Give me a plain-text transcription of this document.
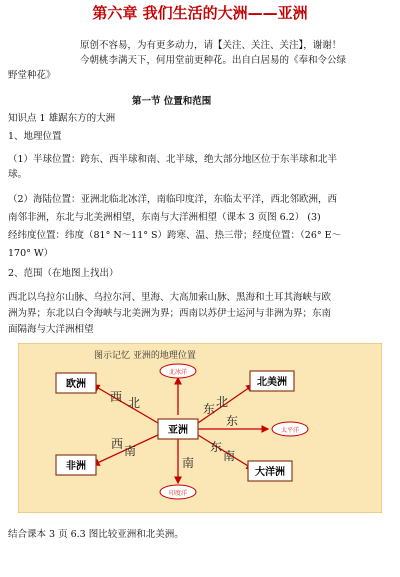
第六章 我们生活的大洲——亚洲
原创不容易，为有更多动力，请【关注、关注、关注】，谢谢！
今朝桃李满天下，何用堂前更种花。出自白居易的《奉和令公绿
野堂种花》
第一节 位置和范围
知识点 1 雄踞东方的大洲
1、地理位置
（1）半球位置：跨东、西半球和南、北半球，绝大部分地区位于东半球和北半
球。
（2）海陆位置：亚洲北临北冰洋，南临印度洋，东临太平洋，西北邻欧洲，西
南邻非洲，东北与北美洲相望，东南与大洋洲相望（课本 3 页图 6.2） (3)
经纬度位置：纬度（81° N～11° S）跨寒、温、热三带；经度位置：（26° E～
170° W）
2、范围（在地图上找出）
西北以乌拉尔山脉、乌拉尔河、里海、大高加索山脉、黑海和土耳其海峡与欧
洲为界；东北以白令海峡与北美洲为界；西南以苏伊士运河与非洲为界；东南
面隔海与大洋洲相望
图示记忆 亚洲的地理位置
亚洲
欧洲	北美洲
非洲
大洋洲
北冰洋
太平洋
印度洋
西 北	东 北
东
西 南
南
东
南
结合课本 3 页 6.3 图比较亚洲和北美洲。
